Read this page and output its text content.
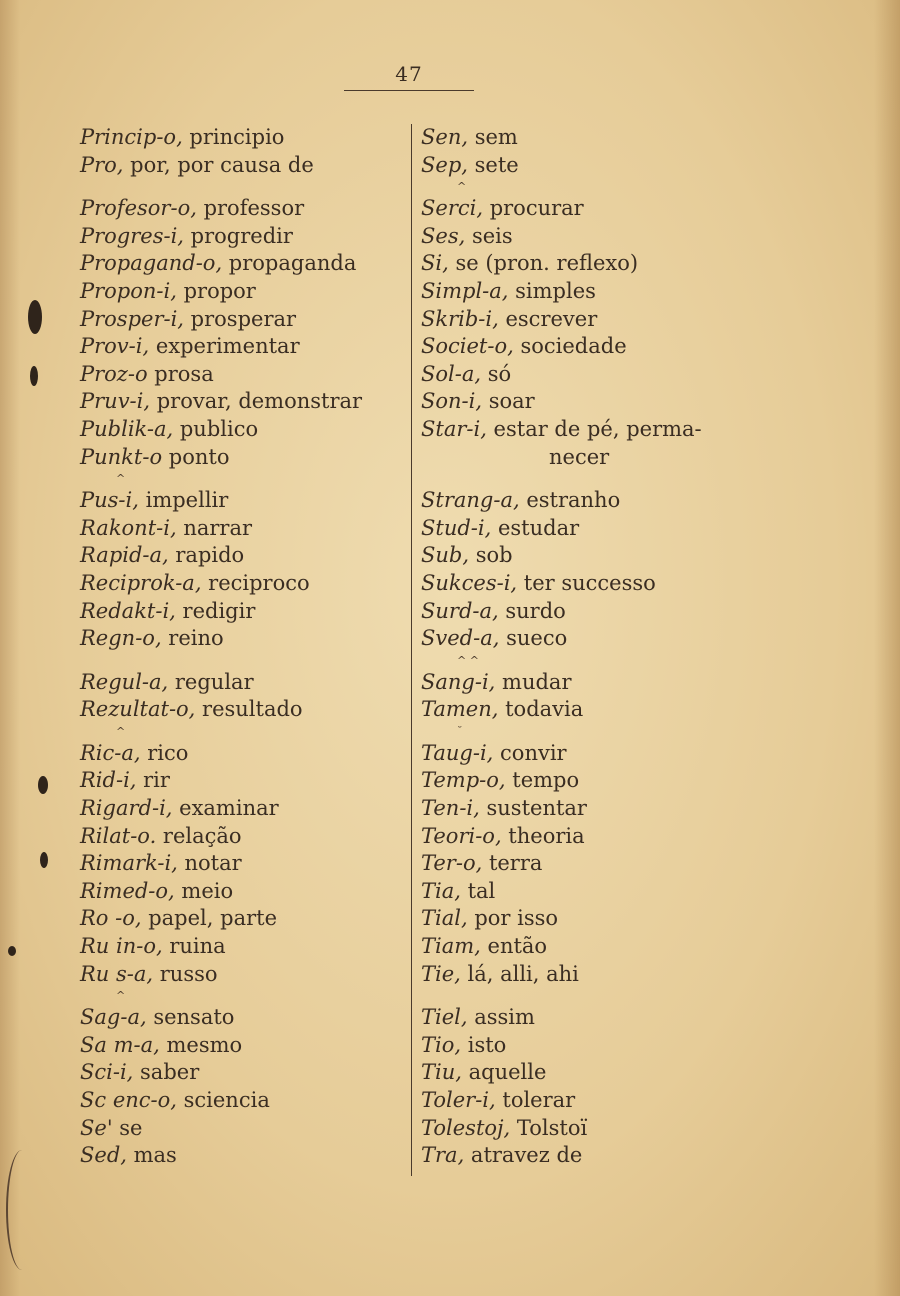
47
Princip-o, principio
Pro, por, por causa de
Profesor-o, professor
Progres-i, progredir
Propagand-o, propaganda
Propon-i, propor
Prosper-i, prosperar
Prov-i, experimentar
Proz-o prosa
Pruv-i, provar, demonstrar
Publik-a, publico
Punkt-o ponto
^
Pus-i, impellir
Rakont-i, narrar
Rapid-a, rapido
Reciprok-a, reciproco
Redakt-i, redigir
Regn-o, reino
Regul-a, regular
Rezultat-o, resultado
^
Ric-a, rico
Rid-i, rir
Rigard-i, examinar
Rilat-o. relação
Rimark-i, notar
Rimed-o, meio
Ro -o, papel, parte
Ru in-o, ruina
Ru s-a, russo
^
Sag-a, sensato
Sa m-a, mesmo
Sci-i, saber
Sc enc-o, sciencia
Se' se
Sed, mas
Sen, sem
Sep, sete
^
Serci, procurar
Ses, seis
Si, se (pron. reflexo)
Simpl-a, simples
Skrib-i, escrever
Societ-o, sociedade
Sol-a, só
Son-i, soar
Star-i, estar de pé, perma-
necer
Strang-a, estranho
Stud-i, estudar
Sub, sob
Sukces-i, ter successo
Surd-a, surdo
Sved-a, sueco
^ ^
Sang-i, mudar
Tamen, todavia
˘
Taug-i, convir
Temp-o, tempo
Ten-i, sustentar
Teori-o, theoria
Ter-o, terra
Tia, tal
Tial, por isso
Tiam, então
Tie, lá, alli, ahi
Tiel, assim
Tio, isto
Tiu, aquelle
Toler-i, tolerar
Tolestoj, Tolstoï
Tra, atravez de
